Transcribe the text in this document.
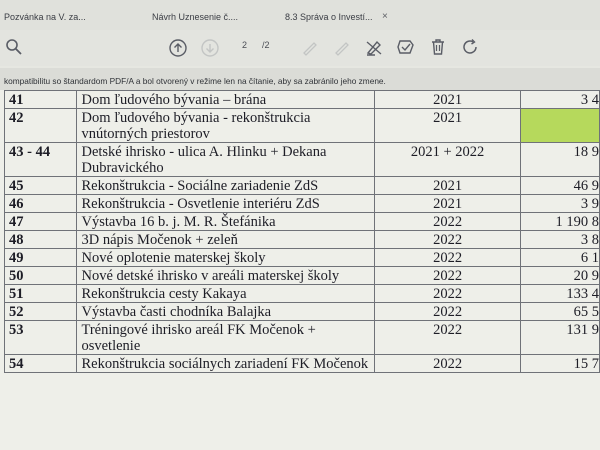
Pozvánka na V. za...	Návrh Uznesenie č....	8.3 Správa o Investí... ×
2 /2
kompatibilitu so štandardom PDF/A a bol otvorený v režime len na čítanie, aby sa zabránilo jeho zmene.
41	Dom ľudového bývania – brána	2021	3 4
42	Dom ľudového bývania - rekonštrukcia vnútorných priestorov	2021	
43 - 44	Detské ihrisko - ulica A. Hlinku + Dekana Dubravického	2021 + 2022	18 9
45	Rekonštrukcia - Sociálne zariadenie ZdS	2021	46 9
46	Rekonštrukcia - Osvetlenie interiéru ZdS	2021	3 9
47	Výstavba 16 b. j. M. R. Štefánika	2022	1 190 8
48	3D nápis Močenok + zeleň	2022	3 8
49	Nové oplotenie materskej školy	2022	6 1
50	Nové detské ihrisko v areáli materskej školy	2022	20 9
51	Rekonštrukcia cesty Kakaya	2022	133 4
52	Výstavba časti chodníka Balajka	2022	65 5
53	Tréningové ihrisko areál FK Močenok + osvetlenie	2022	131 9
54	Rekonštrukcia sociálnych zariadení FK Močenok	2022	15 7
